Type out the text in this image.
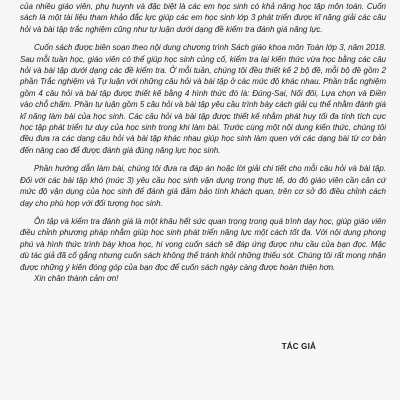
của nhiều giáo viên, phụ huynh và đặc biệt là các em học sinh có khả năng học tập môn toán. Cuốn sách là một tài liệu tham khảo đắc lực giúp các em học sinh lớp 3 phát triển được kĩ năng giải các câu hỏi và bài tập trắc nghiệm cũng như tự luận dưới dạng đề kiểm tra đánh giá năng lực.

Cuốn sách được biên soạn theo nội dung chương trình Sách giáo khoa môn Toán lớp 3, năm 2018. Sau mỗi tuần học, giáo viên có thể giúp học sinh củng cố, kiểm tra lại kiến thức vừa học bằng các câu hỏi và bài tập dưới dạng các đề kiểm tra. Ở mỗi tuần, chúng tôi đều thiết kế 2 bộ đề, mỗi bộ đề gồm 2 phần Trắc nghiệm và Tự luận với những câu hỏi và bài tập ở các mức độ khác nhau. Phần trắc nghiệm gồm 4 câu hỏi và bài tập được thiết kế bằng 4 hình thức đó là: Đúng-Sai, Nối đôi, Lựa chọn và Điền vào chỗ chấm. Phần tự luận gồm 5 câu hỏi và bài tập yêu cầu trình bày cách giải cụ thể nhằm đánh giá kĩ năng làm bài của học sinh. Các câu hỏi và bài tập được thiết kế nhằm phát huy tối đa tính tích cực học tập phát triển tư duy của học sinh trong khi làm bài. Trước cùng một nội dung kiến thức, chúng tôi đều đưa ra các dạng câu hỏi và bài tập khác nhau giúp học sinh làm quen với các dạng bài từ cơ bản đến nâng cao để được đánh giá đúng năng lực học sinh.

Phần hướng dẫn làm bài, chúng tôi đưa ra đáp án hoặc lời giải chi tiết cho mỗi câu hỏi và bài tập. Đối với các bài tập khó (mức 3) yêu cầu học sinh vận dụng trong thực tế, do đó giáo viên cần cân cứ mức độ vận dụng của học sinh để đánh giá đảm bảo tính khách quan, trên cơ sở đó điều chỉnh cách dạy cho phù hợp với đối tượng học sinh.

Ôn tập và kiểm tra đánh giá là một khâu hết sức quan trọng trong quá trình dạy học, giúp giáo viên điều chỉnh phương pháp nhằm giúp học sinh phát triển năng lực một cách tốt đa. Với nội dung phong phú và hình thức trình bày khoa học, hi vọng cuốn sách sẽ đáp ứng được nhu cầu của bạn đọc. Mặc dù tác giả đã cố gắng nhưng cuốn sách không thể tránh khỏi những thiếu sót. Chúng tôi rất mong nhận được những ý kiến đóng góp của bạn đọc để cuốn sách ngày càng được hoàn thiện hơn.

Xin chân thành cảm ơn!

TÁC GIẢ
